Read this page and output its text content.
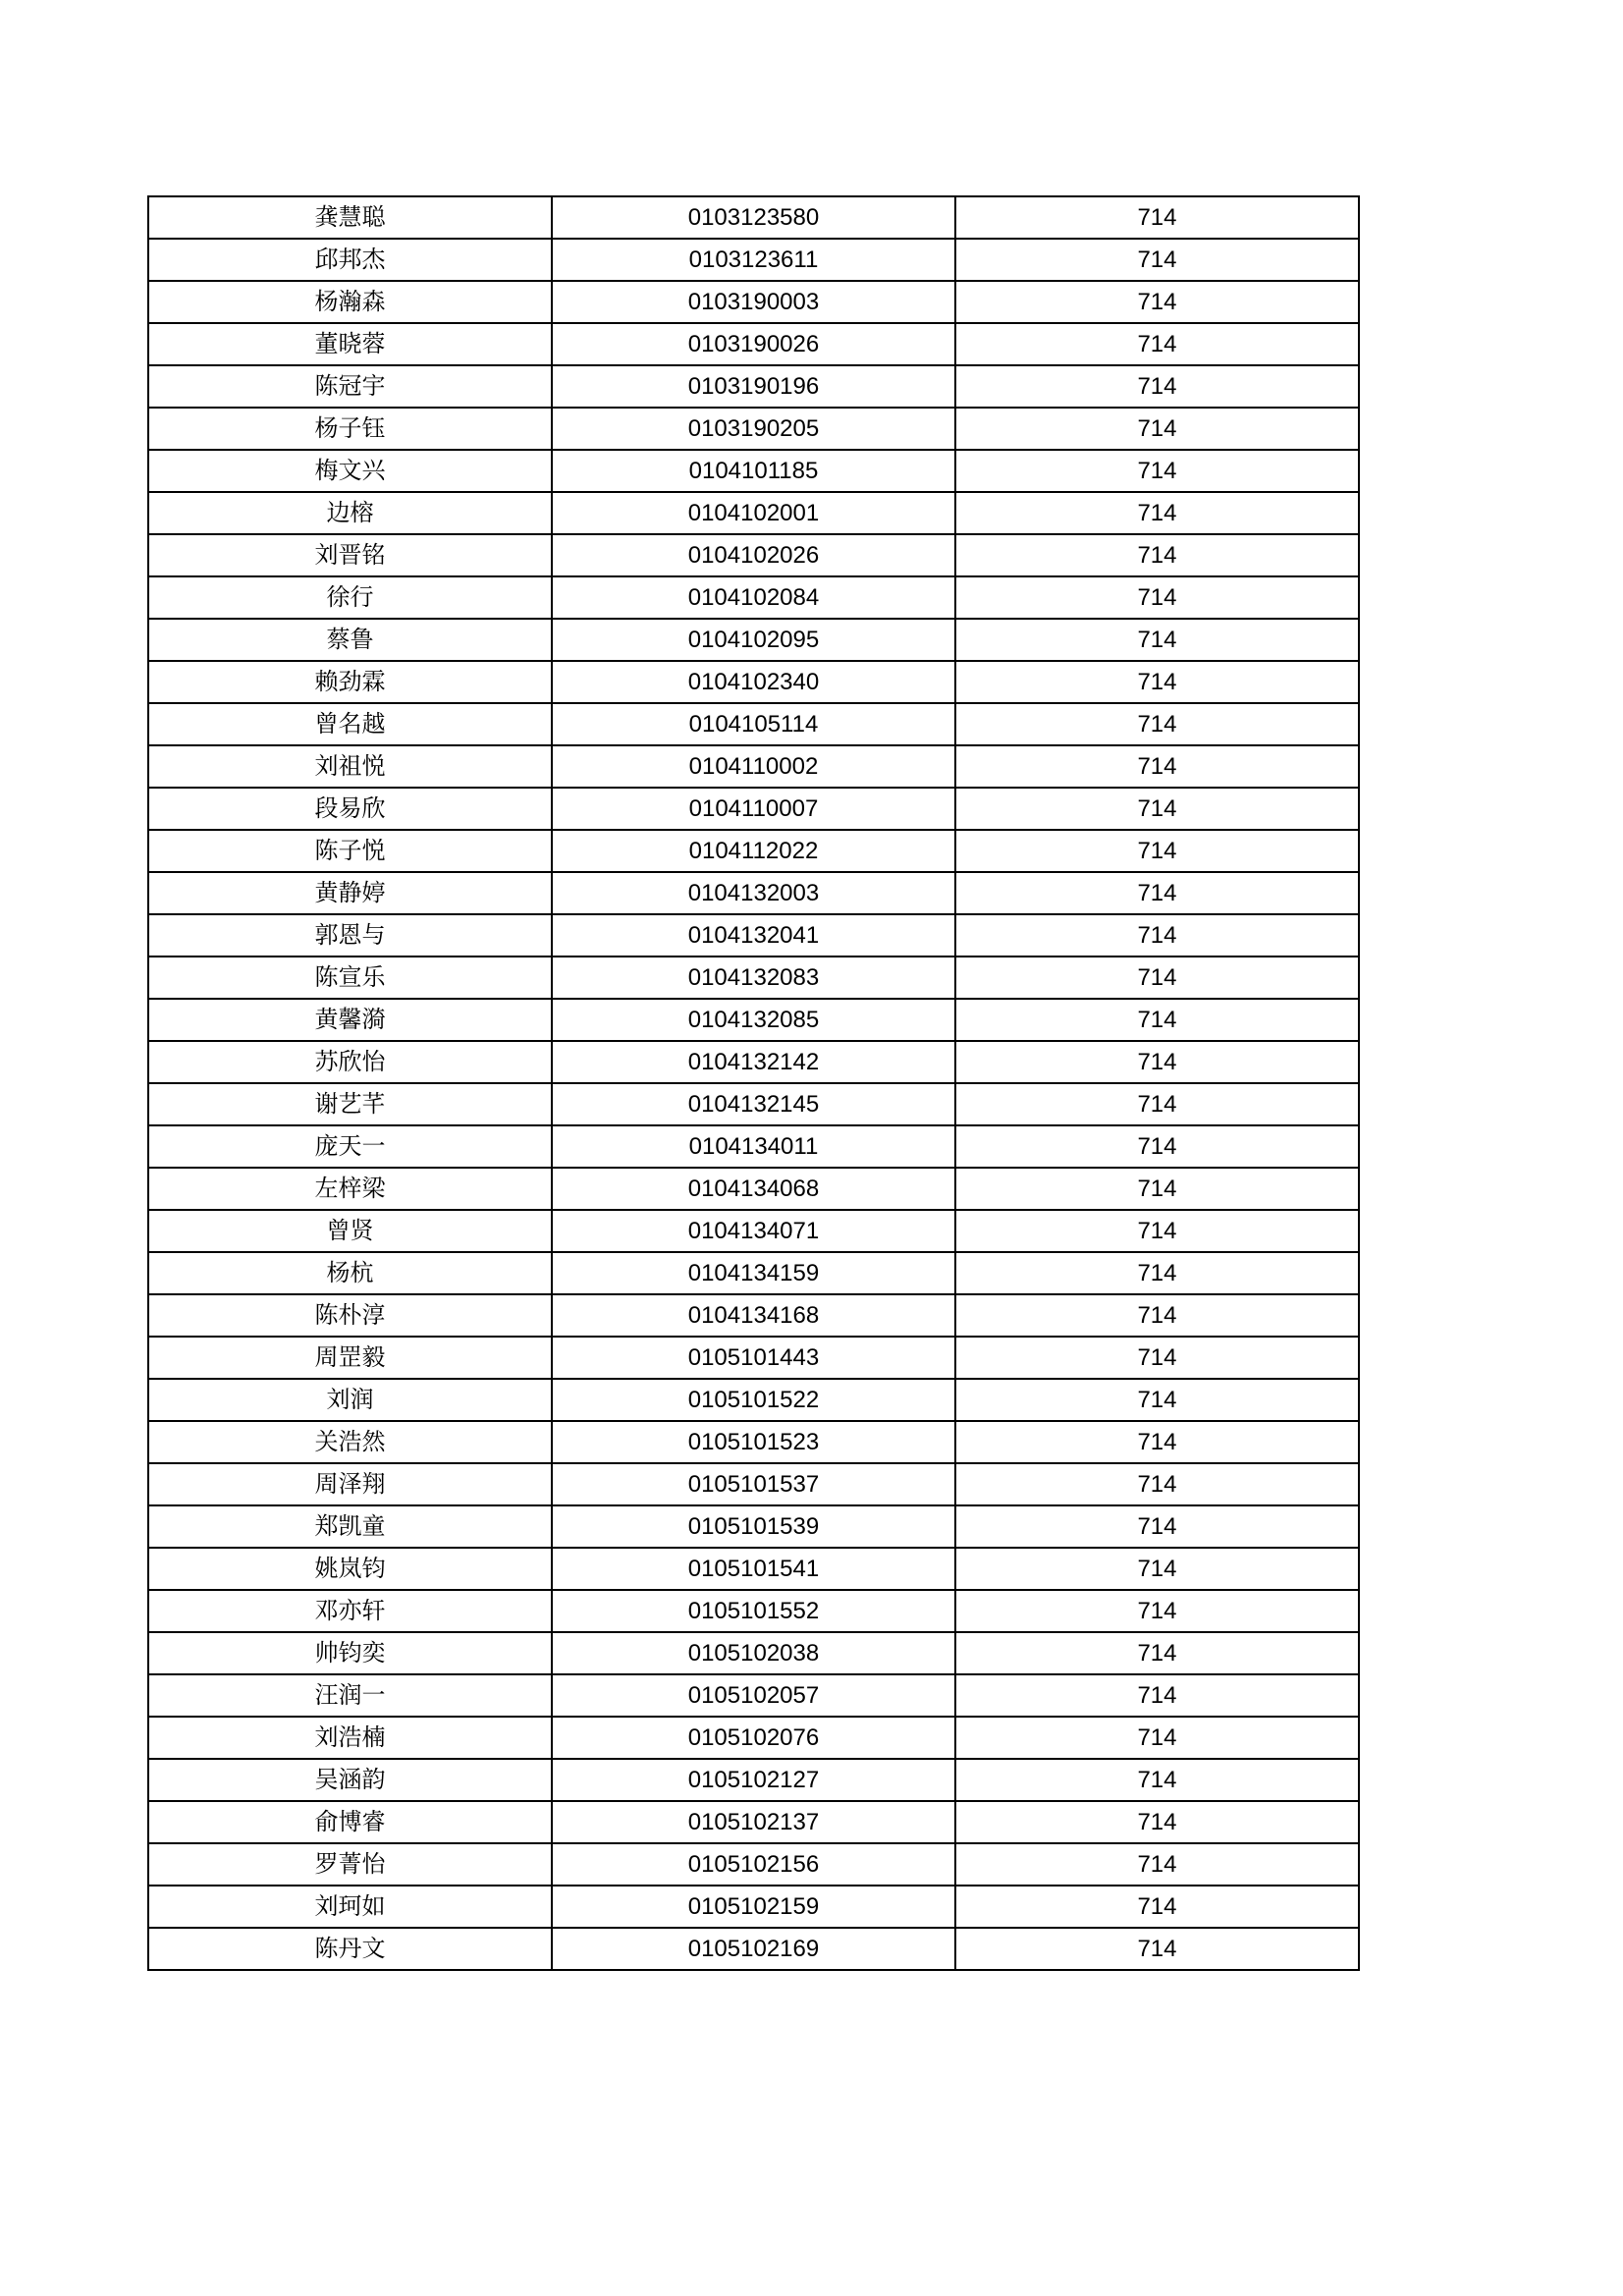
龚慧聪	0103123580	714
邱邦杰	0103123611	714
杨瀚森	0103190003	714
董晓蓉	0103190026	714
陈冠宇	0103190196	714
杨子钰	0103190205	714
梅文兴	0104101185	714
边榕	0104102001	714
刘晋铭	0104102026	714
徐行	0104102084	714
蔡鲁	0104102095	714
赖劲霖	0104102340	714
曾名越	0104105114	714
刘祖悦	0104110002	714
段易欣	0104110007	714
陈子悦	0104112022	714
黄静婷	0104132003	714
郭恩与	0104132041	714
陈宣乐	0104132083	714
黄馨漪	0104132085	714
苏欣怡	0104132142	714
谢艺芊	0104132145	714
庞天一	0104134011	714
左梓梁	0104134068	714
曾贤	0104134071	714
杨杭	0104134159	714
陈朴淳	0104134168	714
周罡毅	0105101443	714
刘润	0105101522	714
关浩然	0105101523	714
周泽翔	0105101537	714
郑凯童	0105101539	714
姚岚钧	0105101541	714
邓亦轩	0105101552	714
帅钧奕	0105102038	714
汪润一	0105102057	714
刘浩楠	0105102076	714
吴涵韵	0105102127	714
俞博睿	0105102137	714
罗菁怡	0105102156	714
刘珂如	0105102159	714
陈丹文	0105102169	714
